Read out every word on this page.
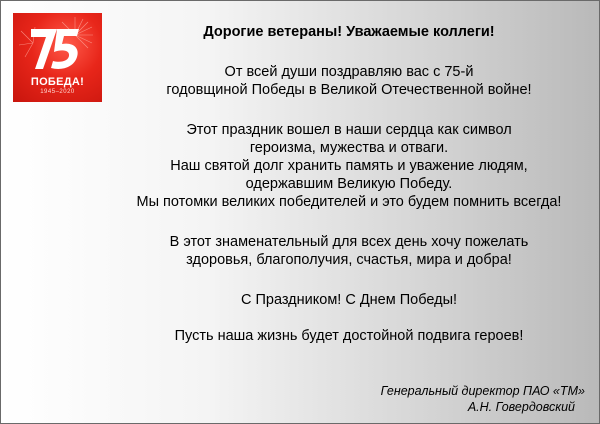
ПОБЕДА!
1945–2020
Дорогие ветераны! Уважаемые коллеги!
От всей души поздравляю вас с 75-й
годовщиной Победы в Великой Отечественной войне!
Этот праздник вошел в наши сердца как символ
героизма, мужества и отваги.
Наш святой долг хранить память и уважение людям,
одержавшим Великую Победу.
Мы потомки великих победителей и это будем помнить всегда!
В этот знаменательный для всех день хочу пожелать
здоровья, благополучия, счастья, мира и добра!
С Праздником! С Днем Победы!
Пусть наша жизнь будет достойной подвига героев!
Генеральный директор ПАО «ТМ»
А.Н. Говердовский
